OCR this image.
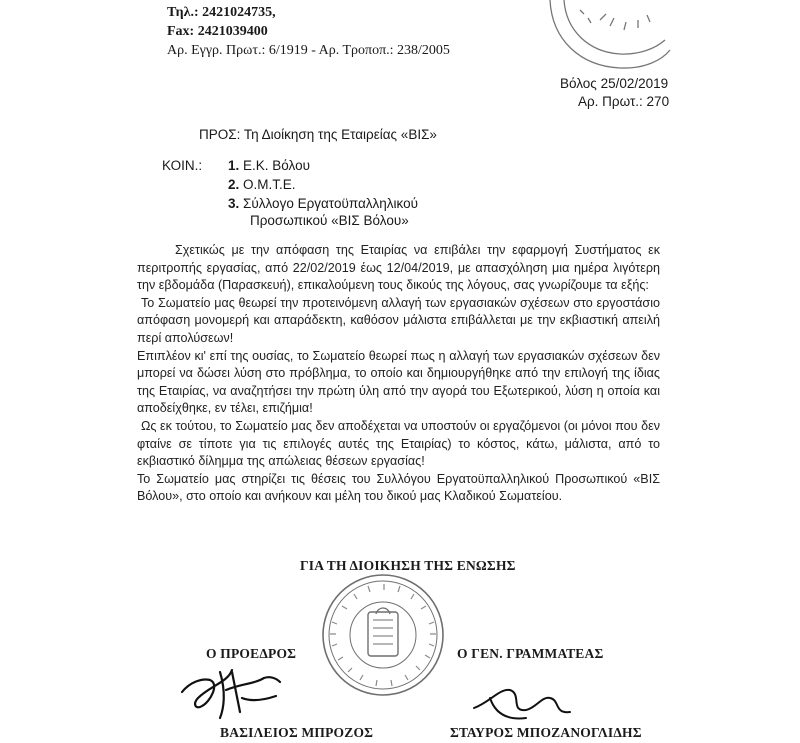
Τηλ.: 2421024735,
Fax: 2421039400
Αρ. Εγγρ. Πρωτ.: 6/1919 - Αρ. Τροποπ.: 238/2005
Βόλος 25/02/2019
Αρ. Πρωτ.: 270
ΠΡΟΣ: Τη Διοίκηση της Εταιρείας «ΒΙΣ»
ΚΟΙΝ.: 1. Ε.Κ. Βόλου
2. Ο.Μ.Τ.Ε.
3. Σύλλογο Εργατοϋπαλληλικού
Προσωπικού «ΒΙΣ Βόλου»

Σχετικώς με την απόφαση της Εταιρίας να επιβάλει την εφαρμογή Συστήματος εκ περιτροπής εργασίας, από 22/02/2019 έως 12/04/2019, με απασχόληση μια ημέρα λιγότερη την εβδομάδα (Παρασκευή), επικαλούμενη τους δικούς της λόγους, σας γνωρίζουμε τα εξής:

Το Σωματείο μας θεωρεί την προτεινόμενη αλλαγή των εργασιακών σχέσεων στο εργοστάσιο απόφαση μονομερή και απαράδεκτη, καθόσον μάλιστα επιβάλλεται με την εκβιαστική απειλή περί απολύσεων!

Επιπλέον κι' επί της ουσίας, το Σωματείο θεωρεί πως η αλλαγή των εργασιακών σχέσεων δεν μπορεί να δώσει λύση στο πρόβλημα, το οποίο και δημιουργήθηκε από την επιλογή της ίδιας της Εταιρίας, να αναζητήσει την πρώτη ύλη από την αγορά του Εξωτερικού, λύση η οποία και αποδείχθηκε, εν τέλει, επιζήμια!

Ως εκ τούτου, το Σωματείο μας δεν αποδέχεται να υποστούν οι εργαζόμενοι (οι μόνοι που δεν φταίνε σε τίποτε για τις επιλογές αυτές της Εταιρίας) το κόστος, κάτω, μάλιστα, από το εκβιαστικό δίλημμα της απώλειας θέσεων εργασίας!

Το Σωματείο μας στηρίζει τις θέσεις του Συλλόγου Εργατοϋπαλληλικού Προσωπικού «ΒΙΣ Βόλου», στο οποίο και ανήκουν και μέλη του δικού μας Κλαδικού Σωματείου.

ΓΙΑ ΤΗ ΔΙΟΙΚΗΣΗ ΤΗΣ ΕΝΩΣΗΣ
Ο ΠΡΟΕΔΡΟΣ	Ο ΓΕΝ. ΓΡΑΜΜΑΤΕΑΣ
ΒΑΣΙΛΕΙΟΣ ΜΠΡΟΖΟΣ	ΣΤΑΥΡΟΣ ΜΠΟΖΑΝΟΓΛΙΔΗΣ
